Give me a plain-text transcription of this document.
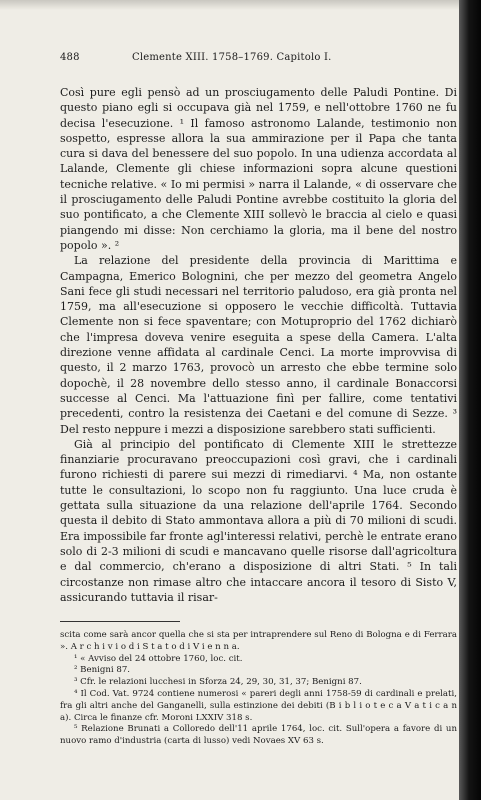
488	Clemente XIII. 1758–1769. Capitolo I.

Così pure egli pensò ad un prosciugamento delle Paludi Pontine. Di questo piano egli si occupava già nel 1759, e nell'ottobre 1760 ne fu decisa l'esecuzione. ¹ Il famoso astronomo Lalande, testimonio non sospetto, espresse allora la sua ammirazione per il Papa che tanta cura si dava del benessere del suo popolo. In una udienza accordata al Lalande, Clemente gli chiese informazioni sopra alcune questioni tecniche relative. « Io mi permisi » narra il Lalande, « di osservare che il prosciugamento delle Paludi Pontine avrebbe costituito la gloria del suo pontificato, a che Clemente XIII sollevò le braccia al cielo e quasi piangendo mi disse: Non cerchiamo la gloria, ma il bene del nostro popolo ». ²

La relazione del presidente della provincia di Marittima e Campagna, Emerico Bolognini, che per mezzo del geometra Angelo Sani fece gli studi necessari nel territorio paludoso, era già pronta nel 1759, ma all'esecuzione si opposero le vecchie difficoltà. Tuttavia Clemente non si fece spaventare; con Motuproprio del 1762 dichiarò che l'impresa doveva venire eseguita a spese della Camera. L'alta direzione venne affidata al cardinale Cenci. La morte improvvisa di questo, il 2 marzo 1763, provocò un arresto che ebbe termine solo dopochè, il 28 novembre dello stesso anno, il cardinale Bonaccorsi successe al Cenci. Ma l'attuazione finì per fallire, come tentativi precedenti, contro la resistenza dei Caetani e del comune di Sezze. ³ Del resto neppure i mezzi a disposizione sarebbero stati sufficienti.

Già al principio del pontificato di Clemente XIII le strettezze finanziarie procuravano preoccupazioni così gravi, che i cardinali furono richiesti di parere sui mezzi di rimediarvi. ⁴ Ma, non ostante tutte le consultazioni, lo scopo non fu raggiunto. Una luce cruda è gettata sulla situazione da una relazione dell'aprile 1764. Secondo questa il debito di Stato ammontava allora a più di 70 milioni di scudi. Era impossibile far fronte agl'interessi relativi, perchè le entrate erano solo di 2-3 milioni di scudi e mancavano quelle risorse dall'agricoltura e dal commercio, ch'erano a disposizione di altri Stati. ⁵ In tali circostanze non rimase altro che intaccare ancora il tesoro di Sisto V, assicurando tuttavia il risar-

scita come sarà ancor quella che si sta per intraprendere sul Reno di Bologna e di Ferrara ». A r c h i v i o d i S t a t o d i V i e n n a.

¹ « Avviso del 24 ottobre 1760, loc. cit.

² Benigni 87.

³ Cfr. le relazioni lucchesi in Sforza 24, 29, 30, 31, 37; Benigni 87.

⁴ Il Cod. Vat. 9724 contiene numerosi « pareri degli anni 1758-59 di cardinali e prelati, fra gli altri anche del Ganganelli, sulla estinzione dei debiti (B i b l i o t e c a V a t i c a n a). Circa le finanze cfr. Moroni LXXIV 318 s.

⁵ Relazione Brunati a Colloredo dell'11 aprile 1764, loc. cit. Sull'opera a favore di un nuovo ramo d'industria (carta di lusso) vedi Novaes XV 63 s.
